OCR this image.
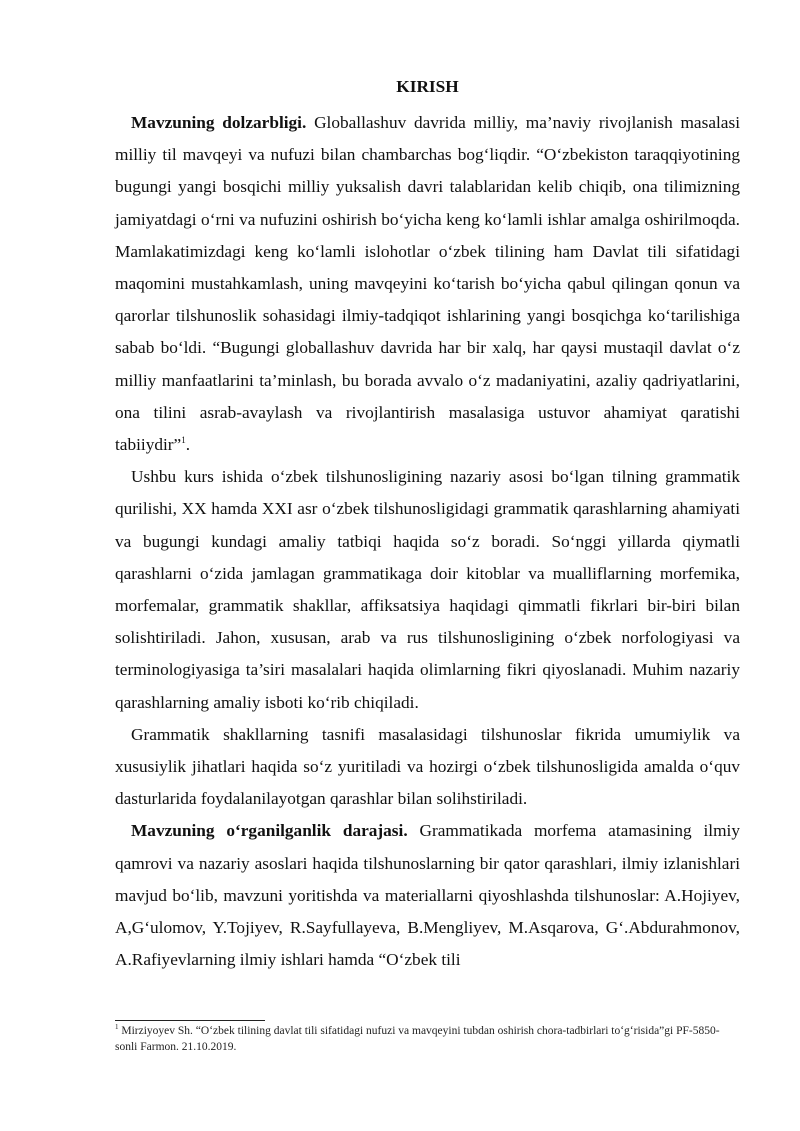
KIRISH

Mavzuning dolzarbligi. Globallashuv davrida milliy, ma’naviy rivojlanish masalasi milliy til mavqeyi va nufuzi bilan chambarchas bog‘liqdir. “O‘zbekiston taraqqiyotining bugungi yangi bosqichi milliy yuksalish davri talablaridan kelib chiqib, ona tilimizning jamiyatdagi o‘rni va nufuzini oshirish bo‘yicha keng ko‘lamli ishlar amalga oshirilmoqda. Mamlakatimizdagi keng ko‘lamli islohotlar o‘zbek tilining ham Davlat tili sifatidagi maqomini mustahkamlash, uning mavqeyini ko‘tarish bo‘yicha qabul qilingan qonun va qarorlar tilshunoslik sohasidagi ilmiy-tadqiqot ishlarining yangi bosqichga ko‘tarilishiga sabab bo‘ldi. “Bugungi globallashuv davrida har bir xalq, har qaysi mustaqil davlat o‘z milliy manfaatlarini ta’minlash, bu borada avvalo o‘z madaniyatini, azaliy qadriyatlarini, ona tilini asrab-avaylash va rivojlantirish masalasiga ustuvor ahamiyat qaratishi tabiiydir”$^1$.

Ushbu kurs ishida o‘zbek tilshunosligining nazariy asosi bo‘lgan tilning grammatik qurilishi, XX hamda XXI asr o‘zbek tilshunosligidagi grammatik qarashlarning ahamiyati va bugungi kundagi amaliy tatbiqi haqida so‘z boradi. So‘nggi yillarda qiymatli qarashlarni o‘zida jamlagan grammatikaga doir kitoblar va mualliflarning morfemika, morfemalar, grammatik shakllar, affiksatsiya haqidagi qimmatli fikrlari bir-biri bilan solishtiriladi. Jahon, xususan, arab va rus tilshunosligining o‘zbek norfologiyasi va terminologiyasiga ta’siri masalalari haqida olimlarning fikri qiyoslanadi. Muhim nazariy qarashlarning amaliy isboti ko‘rib chiqiladi.

Grammatik shakllarning tasnifi masalasidagi tilshunoslar fikrida umumiylik va xususiylik jihatlari haqida so‘z yuritiladi va hozirgi o‘zbek tilshunosligida amalda o‘quv dasturlarida foydalanilayotgan qarashlar bilan solihstiriladi.

Mavzuning o‘rganilganlik darajasi. Grammatikada morfema atamasining ilmiy qamrovi va nazariy asoslari haqida tilshunoslarning bir qator qarashlari, ilmiy izlanishlari mavjud bo‘lib, mavzuni yoritishda va materiallarni qiyoshlashda tilshunoslar: A.Hojiyev, A,G‘ulomov, Y.Tojiyev, R.Sayfullayeva, B.Mengliyev, M.Asqarova, G‘.Abdurahmonov, A.Rafiyevlarning ilmiy ishlari hamda “O‘zbek tili

$^1$ Mirziyoyev Sh. “O‘zbek tilining davlat tili sifatidagi nufuzi va mavqeyini tubdan oshirish chora-tadbirlari to‘g‘risida”gi PF-5850-sonli Farmon. 21.10.2019.
